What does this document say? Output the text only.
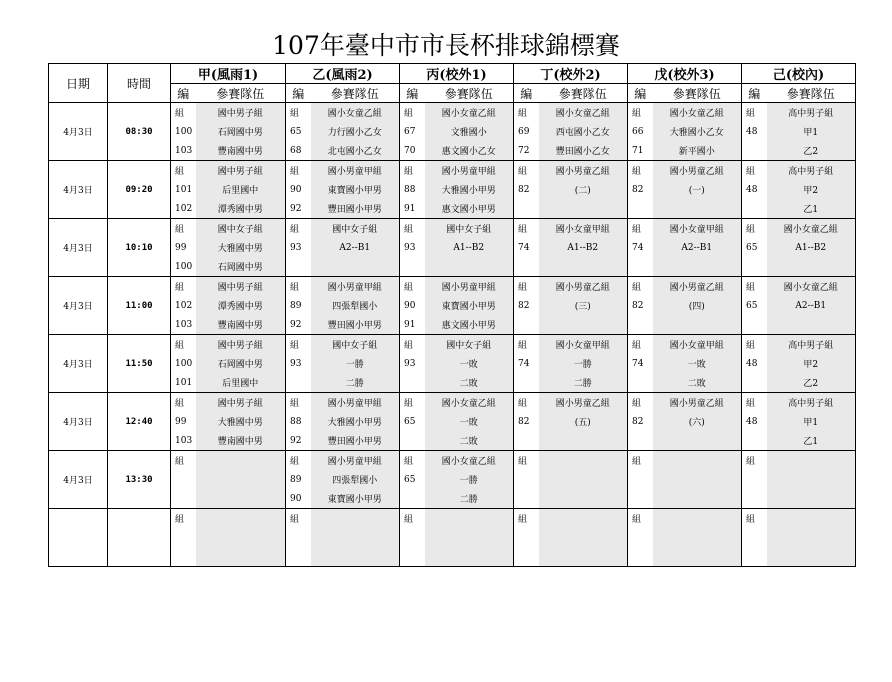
107年臺中市市長杯排球錦標賽
日期	時間	甲(風雨1)		乙(風雨2)		丙(校外1)		丁(校外2)		戊(校外3)		己(校內)	
		編	參賽隊伍	編	參賽隊伍	編	參賽隊伍	編	參賽隊伍	編	參賽隊伍	編	參賽隊伍
4月3日	08:30	組	國中男子組	組	國小女童乙組	組	國小女童乙組	組	國小女童乙組	組	國小女童乙組	組	高中男子組
		100	石岡國中男	65	力行國小乙女	67	文雅國小	69	西屯國小乙女	66	大雅國小乙女	48	甲1
		103	豐南國中男	68	北屯國小乙女	70	惠文國小乙女	72	豐田國小乙女	71	新平國小		乙2
4月3日	09:20	組	國中男子組	組	國小男童甲組	組	國小男童甲組	組	國小男童乙組	組	國小男童乙組	組	高中男子組
		101	后里國中	90	東寶國小甲男	88	大雅國小甲男	82	(二)	82	(一)	48	甲2
		102	潭秀國中男	92	豐田國小甲男	91	惠文國小甲男						乙1
4月3日	10:10	組	國中女子組	組	國中女子組	組	國中女子組	組	國小女童甲組	組	國小女童甲組	組	國小女童乙組
		99	大雅國中男	93	A2--B1	93	A1--B2	74	A1--B2	74	A2--B1	65	A1--B2
		100	石岡國中男										
4月3日	11:00	組	國中男子組	組	國小男童甲組	組	國小男童甲組	組	國小男童乙組	組	國小男童乙組	組	國小女童乙組
		102	潭秀國中男	89	四張犁國小	90	東寶國小甲男	82	(三)	82	(四)	65	A2--B1
		103	豐南國中男	92	豐田國小甲男	91	惠文國小甲男						
4月3日	11:50	組	國中男子組	組	國中女子組	組	國中女子組	組	國小女童甲組	組	國小女童甲組	組	高中男子組
		100	石岡國中男	93	一勝	93	一敗	74	一勝	74	一敗	48	甲2
		101	后里國中		二勝		二敗		二勝		二敗		乙2
4月3日	12:40	組	國中男子組	組	國小男童甲組	組	國小女童乙組	組	國小男童乙組	組	國小男童乙組	組	高中男子組
		99	大雅國中男	88	大雅國小甲男	65	一敗	82	(五)	82	(六)	48	甲1
		103	豐南國中男	92	豐田國小甲男		二敗						乙1
4月3日	13:30	組		組	國小男童甲組	組	國小女童乙組	組		組		組	
				89	四張犁國小	65	一勝						
				90	東寶國小甲男		二勝						
		組		組		組		組		組		組	
